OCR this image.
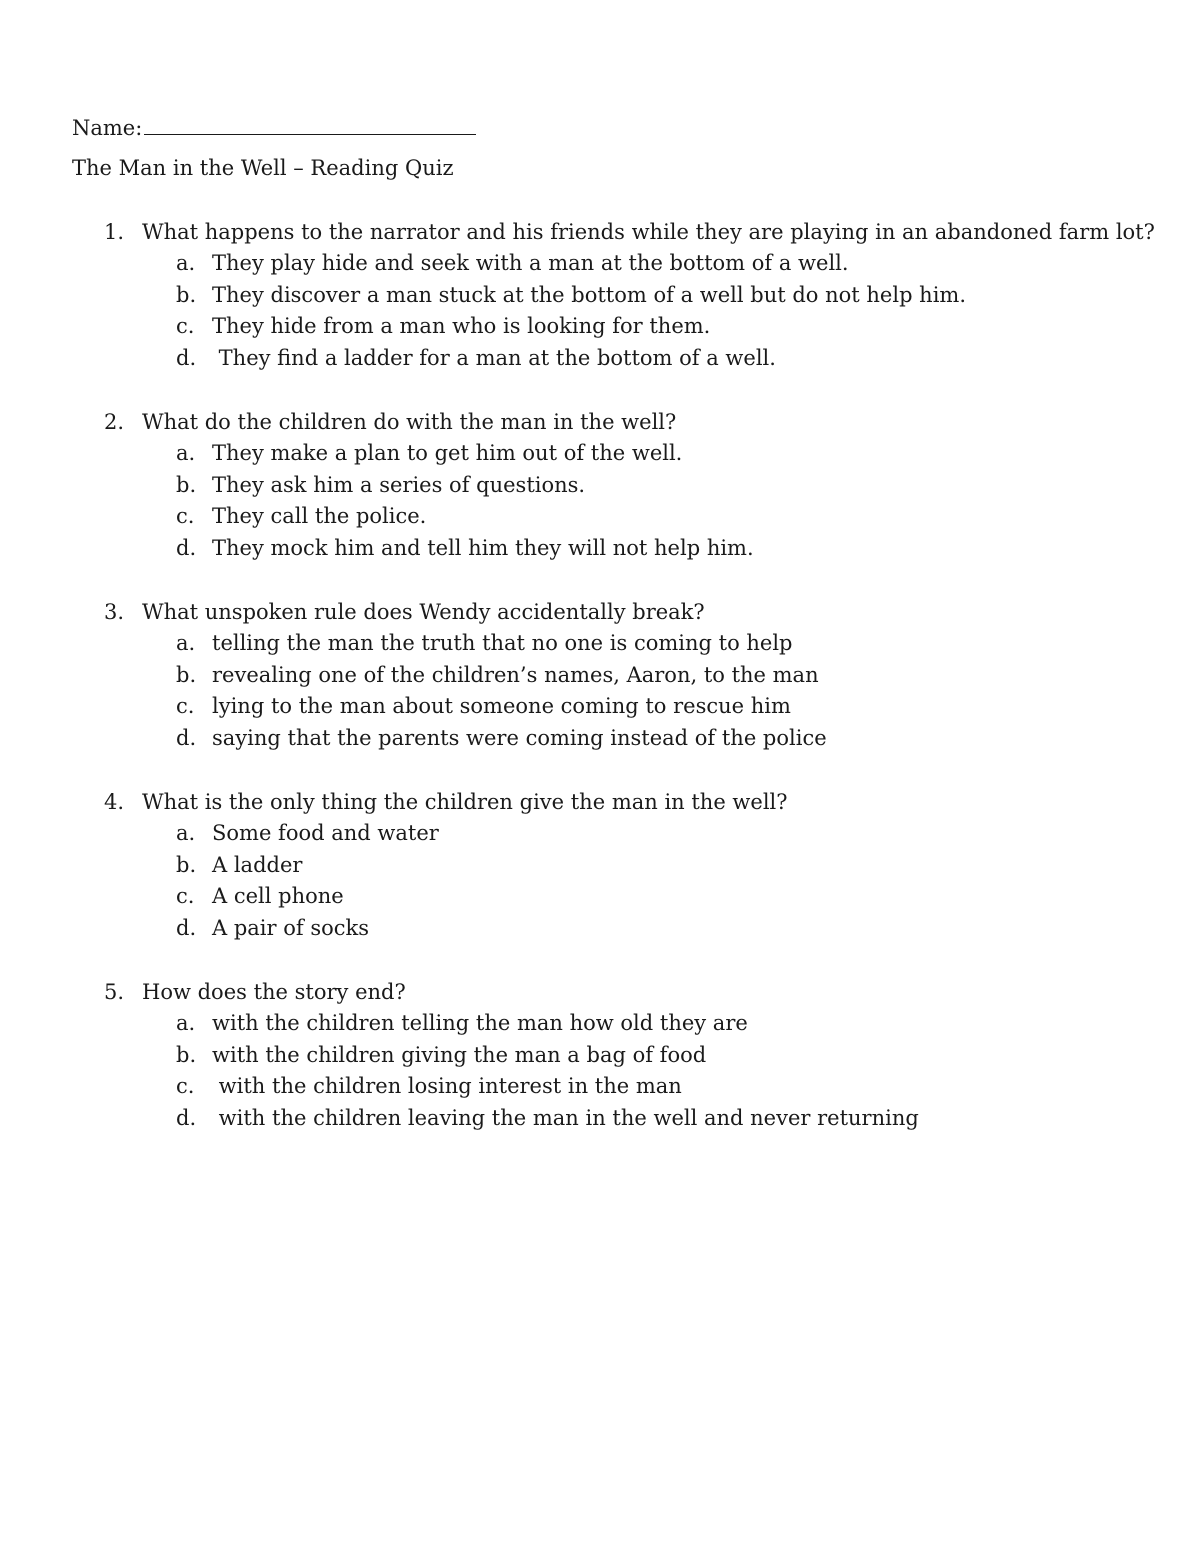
Name:
The Man in the Well – Reading Quiz
1. What happens to the narrator and his friends while they are playing in an abandoned farm lot?
a. They play hide and seek with a man at the bottom of a well.
b. They discover a man stuck at the bottom of a well but do not help him.
c. They hide from a man who is looking for them.
d. They find a ladder for a man at the bottom of a well.
2. What do the children do with the man in the well?
a. They make a plan to get him out of the well.
b. They ask him a series of questions.
c. They call the police.
d. They mock him and tell him they will not help him.
3. What unspoken rule does Wendy accidentally break?
a. telling the man the truth that no one is coming to help
b. revealing one of the children’s names, Aaron, to the man
c. lying to the man about someone coming to rescue him
d. saying that the parents were coming instead of the police
4. What is the only thing the children give the man in the well?
a. Some food and water
b. A ladder
c. A cell phone
d. A pair of socks
5. How does the story end?
a. with the children telling the man how old they are
b. with the children giving the man a bag of food
c. with the children losing interest in the man
d. with the children leaving the man in the well and never returning
